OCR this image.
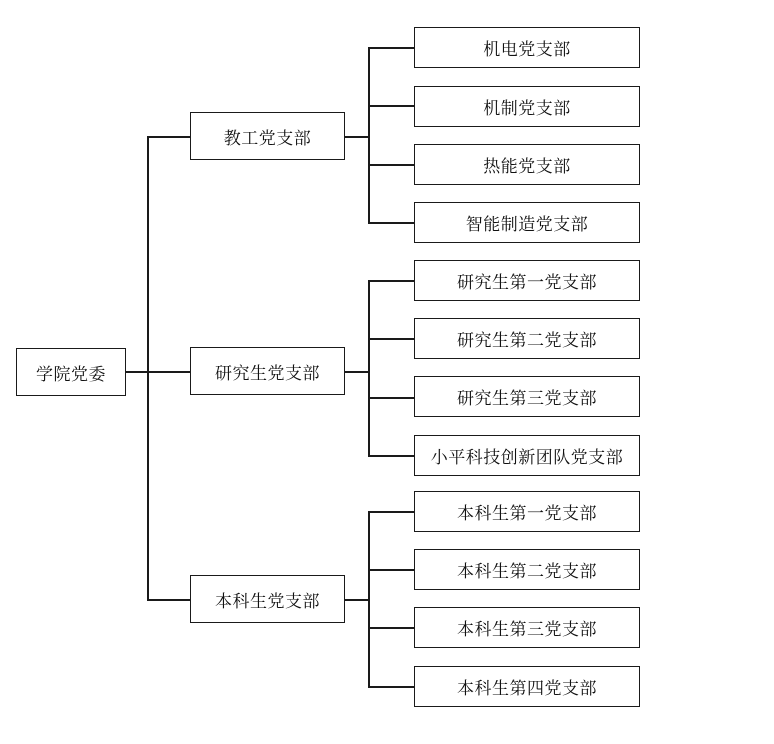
学院党委
教工党支部
机电党支部
机制党支部
热能党支部
智能制造党支部
研究生党支部
研究生第一党支部
研究生第二党支部
研究生第三党支部
小平科技创新团队党支部
本科生党支部
本科生第一党支部
本科生第二党支部
本科生第三党支部
本科生第四党支部
